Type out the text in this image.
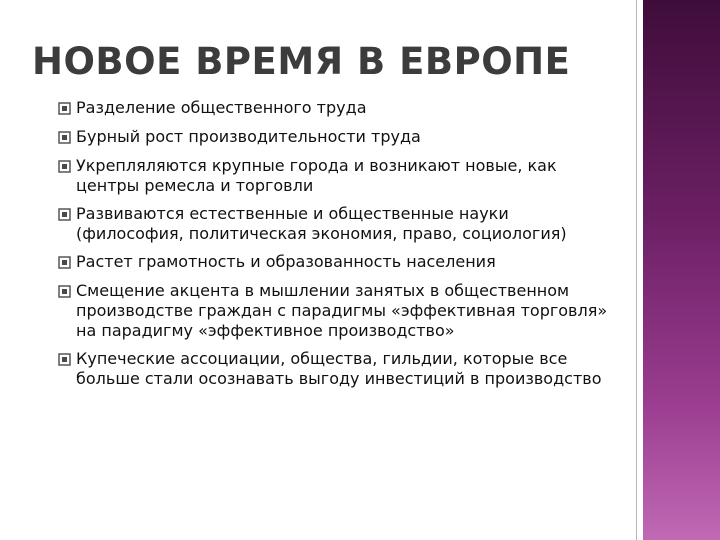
НОВОЕ ВРЕМЯ В ЕВРОПЕ
Разделение общественного труда
Бурный рост производительности труда
Укрепляляются крупные города и возникают новые, как центры ремесла и торговли
Развиваются естественные и общественные науки (философия, политическая экономия, право, социология)
Растет грамотность и образованность населения
Смещение акцента в мышлении занятых в общественном производстве граждан с парадигмы «эффективная торговля» на парадигму «эффективное производство»
Купеческие ассоциации, общества, гильдии, которые все больше стали осознавать выгоду инвестиций в производство
